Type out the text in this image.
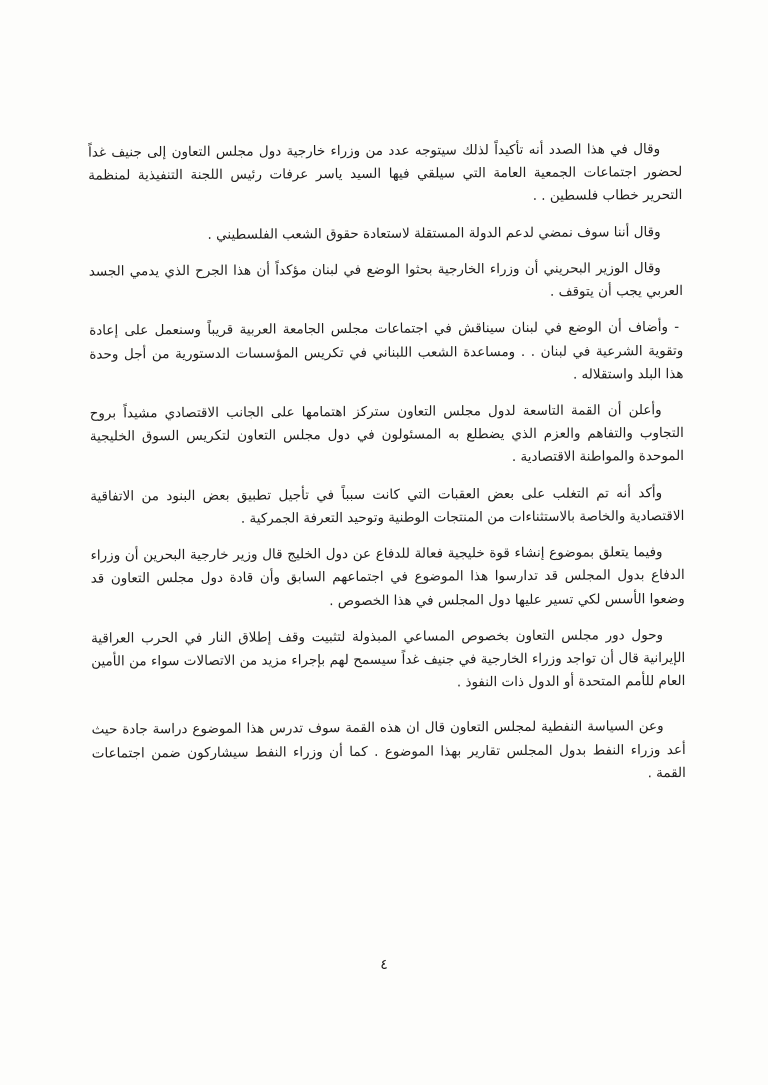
وقال في هذا الصدد أنه تأكيداً لذلك سيتوجه عدد من وزراء خارجية دول مجلس التعاون إلى جنيف غداً لحضور اجتماعات الجمعية العامة التي سيلقي فيها السيد ياسر عرفات رئيس اللجنة التنفيذية لمنظمة التحرير خطاب فلسطين . .

وقال أننا سوف نمضي لدعم الدولة المستقلة لاستعادة حقوق الشعب الفلسطيني .

وقال الوزير البحريني أن وزراء الخارجية بحثوا الوضع في لبنان مؤكداً أن هذا الجرح الذي يدمي الجسد العربي يجب أن يتوقف .

- وأضاف أن الوضع في لبنان سيناقش في اجتماعات مجلس الجامعة العربية قريباً وسنعمل على إعادة وتقوية الشرعية في لبنان . . ومساعدة الشعب اللبناني في تكريس المؤسسات الدستورية من أجل وحدة هذا البلد واستقلاله .

وأعلن أن القمة التاسعة لدول مجلس التعاون ستركز اهتمامها على الجانب الاقتصادي مشيداً بروح التجاوب والتفاهم والعزم الذي يضطلع به المسئولون في دول مجلس التعاون لتكريس السوق الخليجية الموحدة والمواطنة الاقتصادية .

وأكد أنه تم التغلب على بعض العقبات التي كانت سبباً في تأجيل تطبيق بعض البنود من الاتفاقية الاقتصادية والخاصة بالاستثناءات من المنتجات الوطنية وتوحيد التعرفة الجمركية .

وفيما يتعلق بموضوع إنشاء قوة خليجية فعالة للدفاع عن دول الخليج قال وزير خارجية البحرين أن وزراء الدفاع بدول المجلس قد تدارسوا هذا الموضوع في اجتماعهم السابق وأن قادة دول مجلس التعاون قد وضعوا الأسس لكي تسير عليها دول المجلس في هذا الخصوص .

وحول دور مجلس التعاون بخصوص المساعي المبذولة لتثبيت وقف إطلاق النار في الحرب العراقية الإيرانية قال أن تواجد وزراء الخارجية في جنيف غداً سيسمح لهم بإجراء مزيد من الاتصالات سواء من الأمين العام للأمم المتحدة أو الدول ذات النفوذ .

وعن السياسة النفطية لمجلس التعاون قال ان هذه القمة سوف تدرس هذا الموضوع دراسة جادة حيث أعد وزراء النفط بدول المجلس تقارير بهذا الموضوع . كما أن وزراء النفط سيشاركون ضمن اجتماعات القمة .

٤
